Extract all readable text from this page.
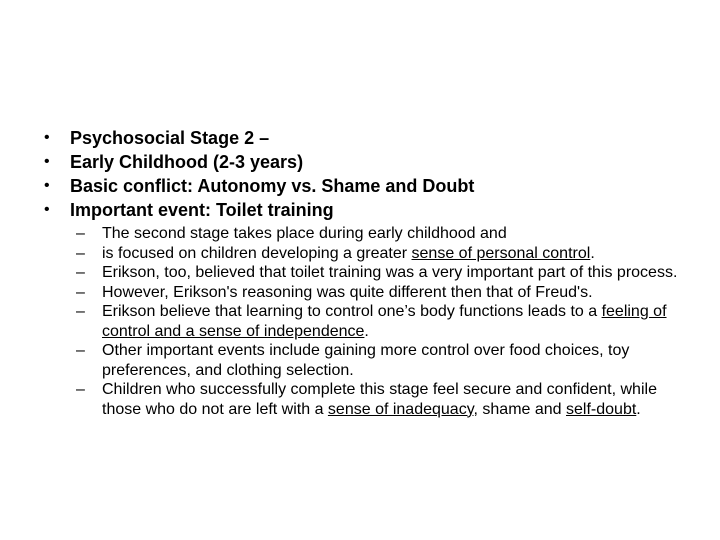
• Psychosocial Stage 2 –
• Early Childhood (2-3 years)
• Basic conflict: Autonomy vs. Shame and Doubt
• Important event: Toilet training
– The second stage takes place during early childhood and
– is focused on children developing a greater sense of personal control.
– Erikson, too, believed that toilet training was a very important part of this process.
– However, Erikson's reasoning was quite different then that of Freud's.
– Erikson believe that learning to control one’s body functions leads to a feeling of control and a sense of independence.
– Other important events include gaining more control over food choices, toy preferences, and clothing selection.
– Children who successfully complete this stage feel secure and confident, while those who do not are left with a sense of inadequacy, shame and self-doubt.
